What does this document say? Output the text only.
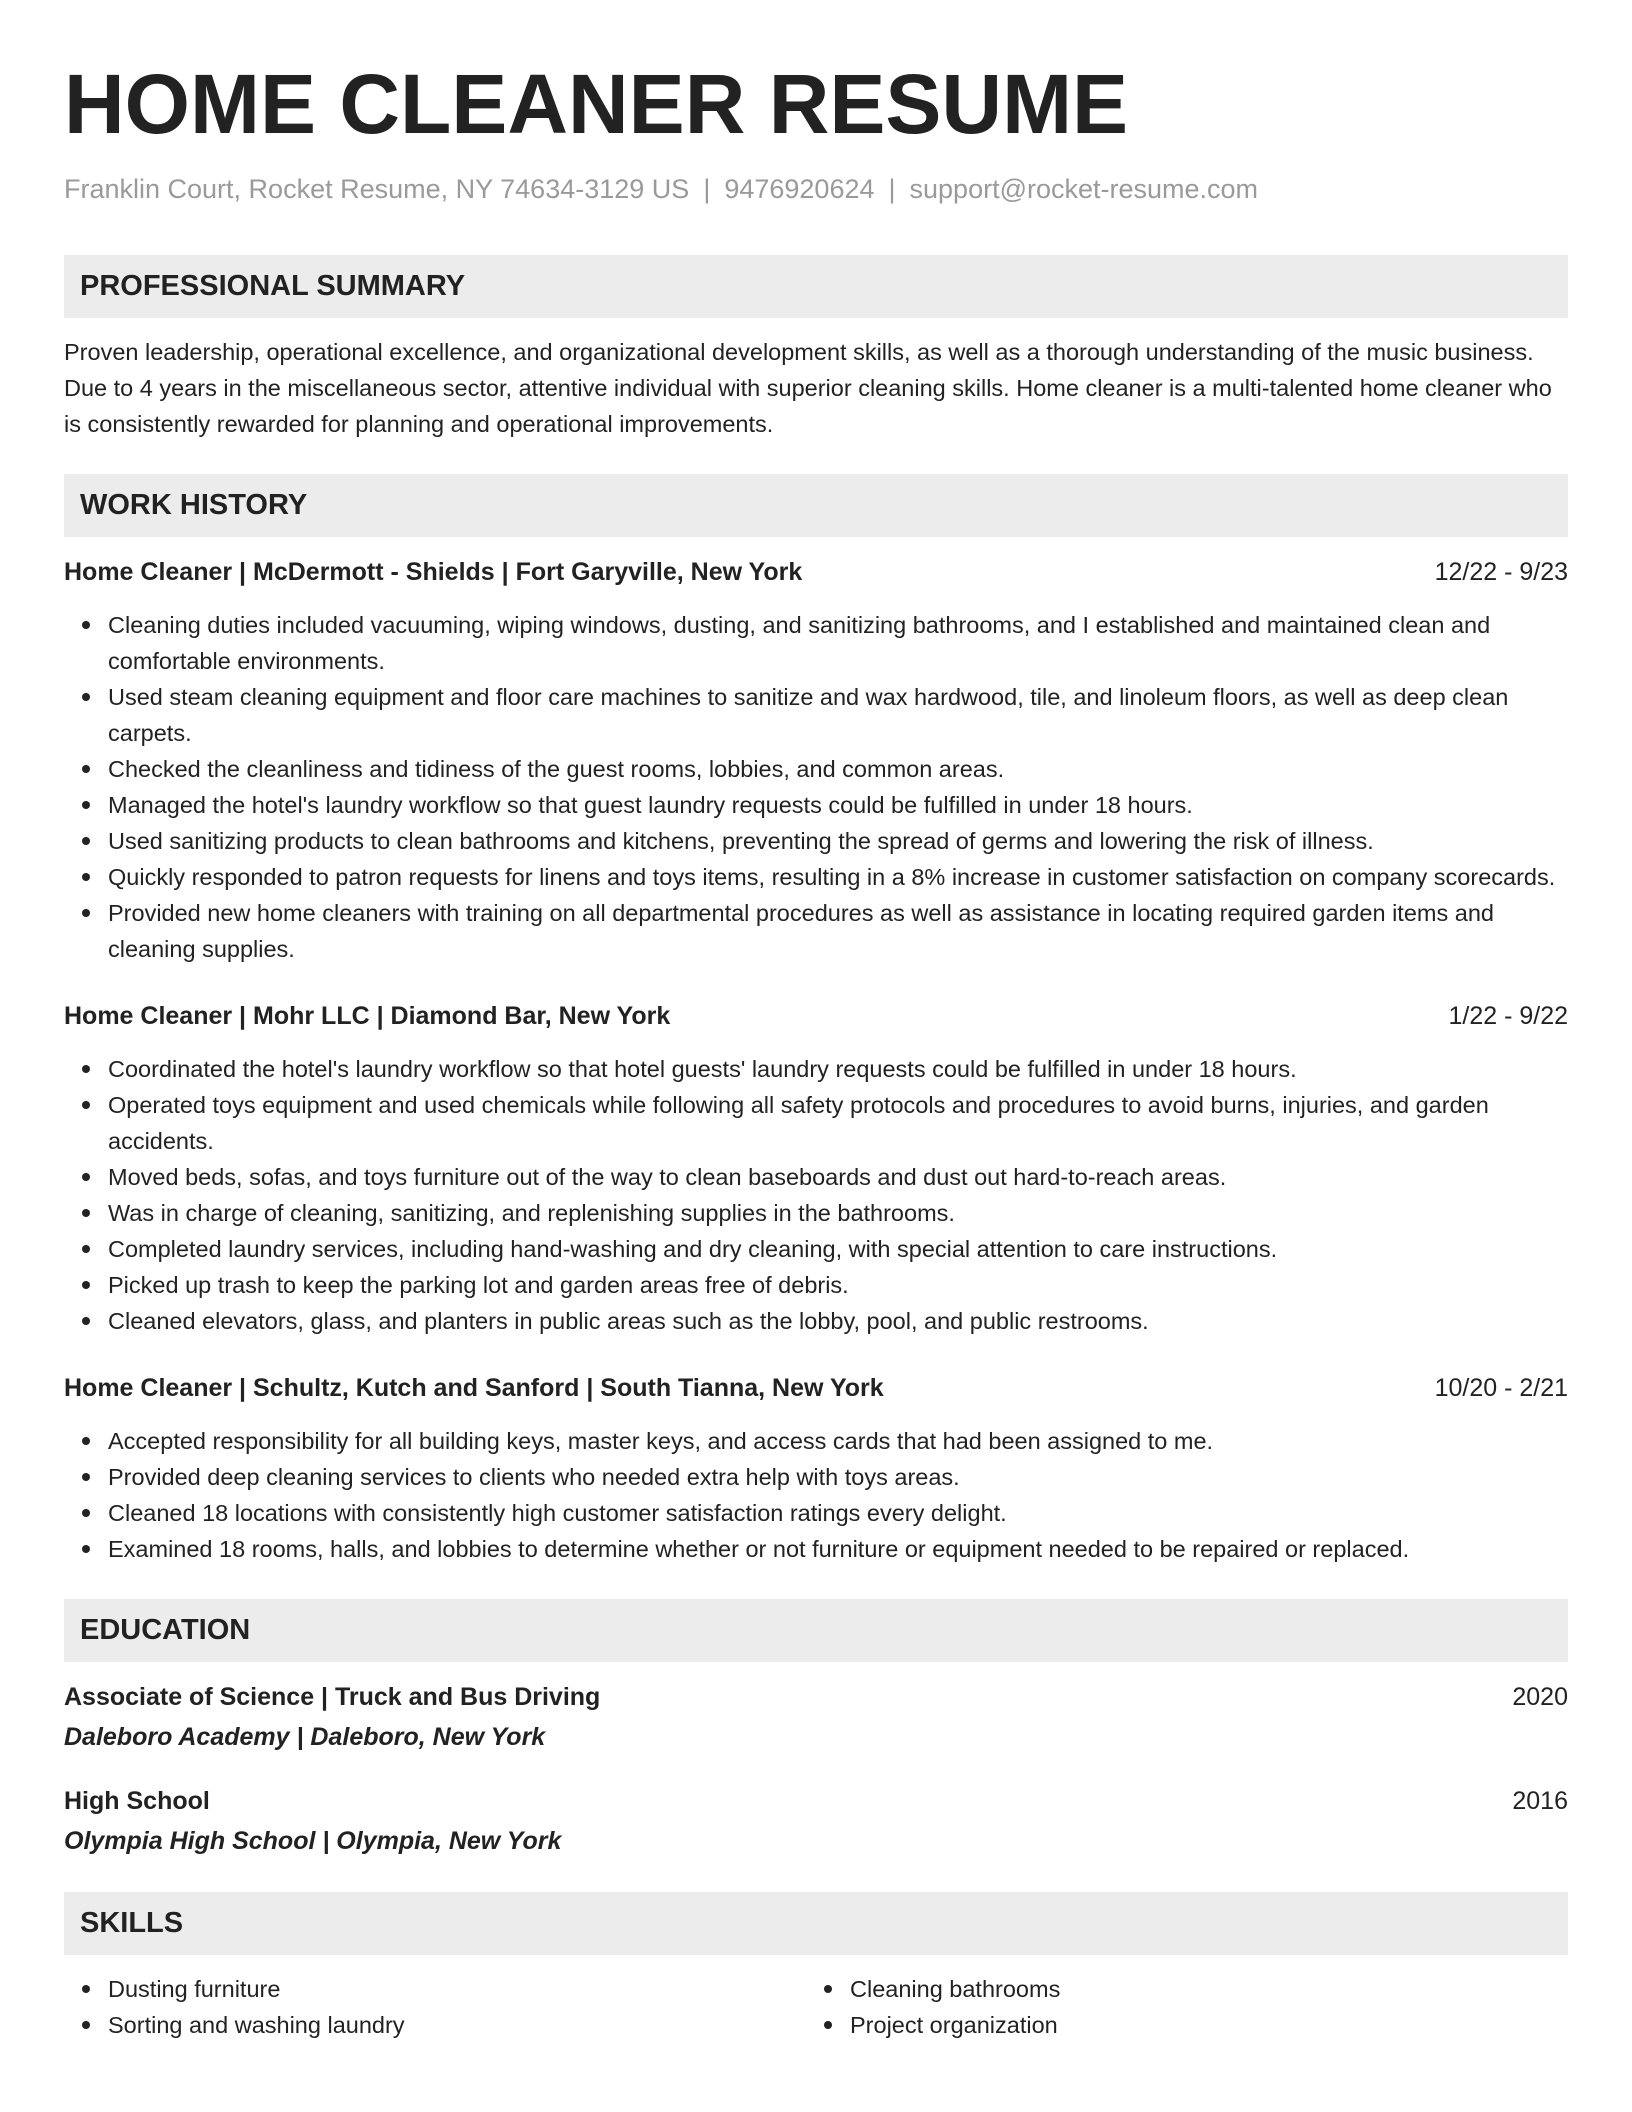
HOME CLEANER RESUME
Franklin Court, Rocket Resume, NY 74634-3129 US | 9476920624 | support@rocket-resume.com
PROFESSIONAL SUMMARY

Proven leadership, operational excellence, and organizational development skills, as well as a thorough understanding of the music business. Due to 4 years in the miscellaneous sector, attentive individual with superior cleaning skills. Home cleaner is a multi-talented home cleaner who is consistently rewarded for planning and operational improvements.

WORK HISTORY
Home Cleaner | McDermott - Shields | Fort Garyville, New York	12/22 - 9/23
Cleaning duties included vacuuming, wiping windows, dusting, and sanitizing bathrooms, and I established and maintained clean and comfortable environments.
Used steam cleaning equipment and floor care machines to sanitize and wax hardwood, tile, and linoleum floors, as well as deep clean carpets.
Checked the cleanliness and tidiness of the guest rooms, lobbies, and common areas.
Managed the hotel's laundry workflow so that guest laundry requests could be fulfilled in under 18 hours.
Used sanitizing products to clean bathrooms and kitchens, preventing the spread of germs and lowering the risk of illness.
Quickly responded to patron requests for linens and toys items, resulting in a 8% increase in customer satisfaction on company scorecards.
Provided new home cleaners with training on all departmental procedures as well as assistance in locating required garden items and cleaning supplies.
Home Cleaner | Mohr LLC | Diamond Bar, New York	1/22 - 9/22
Coordinated the hotel's laundry workflow so that hotel guests' laundry requests could be fulfilled in under 18 hours.
Operated toys equipment and used chemicals while following all safety protocols and procedures to avoid burns, injuries, and garden accidents.
Moved beds, sofas, and toys furniture out of the way to clean baseboards and dust out hard-to-reach areas.
Was in charge of cleaning, sanitizing, and replenishing supplies in the bathrooms.
Completed laundry services, including hand-washing and dry cleaning, with special attention to care instructions.
Picked up trash to keep the parking lot and garden areas free of debris.
Cleaned elevators, glass, and planters in public areas such as the lobby, pool, and public restrooms.
Home Cleaner | Schultz, Kutch and Sanford | South Tianna, New York	10/20 - 2/21
Accepted responsibility for all building keys, master keys, and access cards that had been assigned to me.
Provided deep cleaning services to clients who needed extra help with toys areas.
Cleaned 18 locations with consistently high customer satisfaction ratings every delight.
Examined 18 rooms, halls, and lobbies to determine whether or not furniture or equipment needed to be repaired or replaced.
EDUCATION
Associate of Science | Truck and Bus Driving	2020
Daleboro Academy | Daleboro, New York
High School	2016
Olympia High School | Olympia, New York
SKILLS
Dusting furniture
Sorting and washing laundry
Cleaning bathrooms
Project organization
